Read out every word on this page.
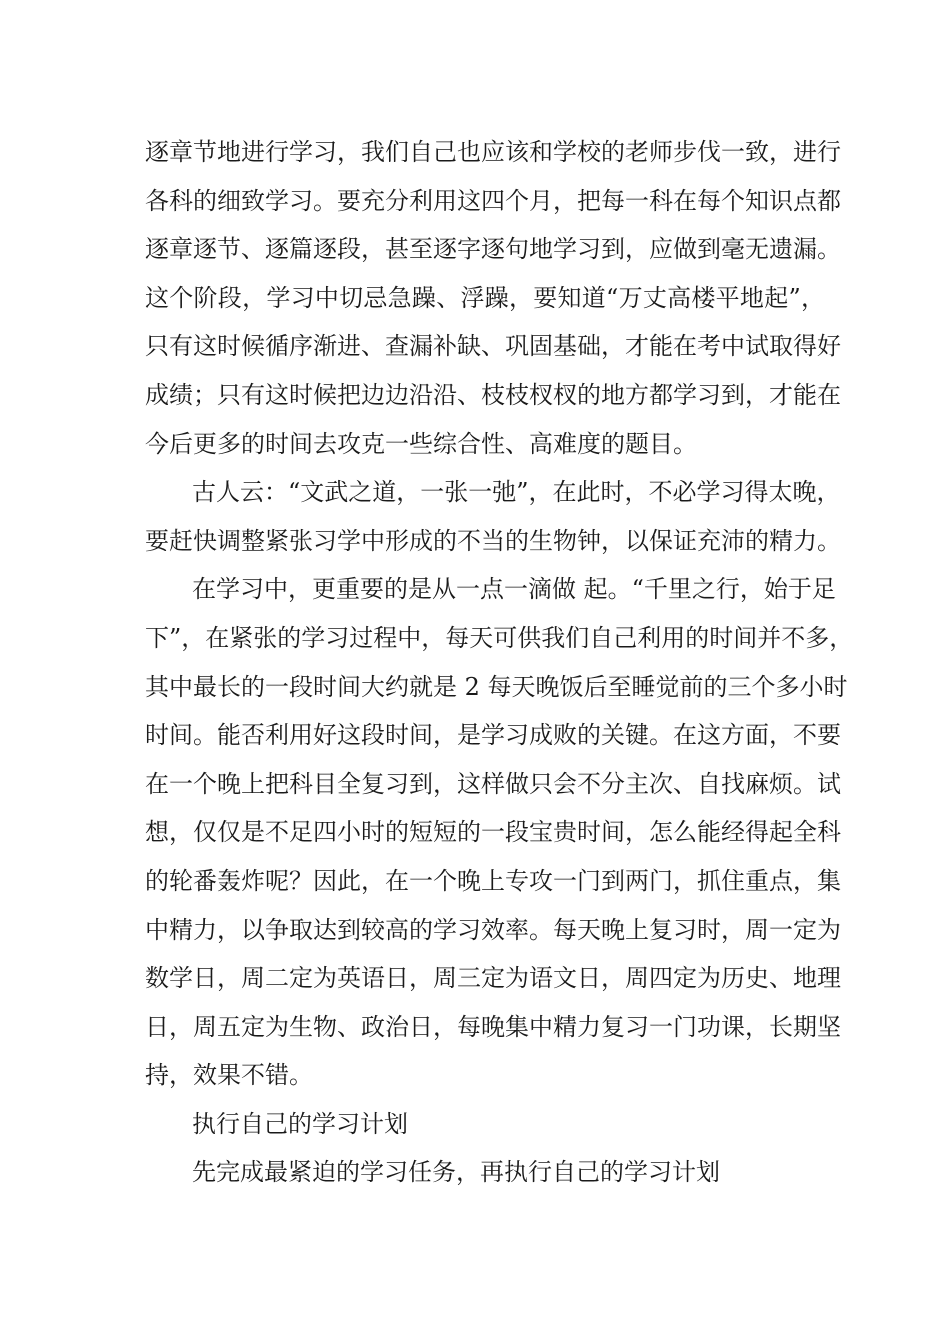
逐章节地进行学习，我们自己也应该和学校的老师步伐一致，进行
各科的细致学习。要充分利用这四个月，把每一科在每个知识点都
逐章逐节、逐篇逐段，甚至逐字逐句地学习到，应做到毫无遗漏。
这个阶段，学习中切忌急躁、浮躁，要知道“万丈高楼平地起”，
只有这时候循序渐进、查漏补缺、巩固基础，才能在考中试取得好
成绩；只有这时候把边边沿沿、枝枝杈杈的地方都学习到，才能在
今后更多的时间去攻克一些综合性、高难度的题目。
古人云：“文武之道，一张一弛”，在此时，不必学习得太晚，
要赶快调整紧张习学中形成的不当的生物钟，以保证充沛的精力。
在学习中，更重要的是从一点一滴做 起。“千里之行，始于足
下”，在紧张的学习过程中，每天可供我们自己利用的时间并不多，
其中最长的一段时间大约就是 2 每天晚饭后至睡觉前的三个多小时
时间。能否利用好这段时间，是学习成败的关键。在这方面，不要
在一个晚上把科目全复习到，这样做只会不分主次、自找麻烦。试
想，仅仅是不足四小时的短短的一段宝贵时间，怎么能经得起全科
的轮番轰炸呢？因此，在一个晚上专攻一门到两门，抓住重点，集
中精力，以争取达到较高的学习效率。每天晚上复习时，周一定为
数学日，周二定为英语日，周三定为语文日，周四定为历史、地理
日，周五定为生物、政治日，每晚集中精力复习一门功课，长期坚
持，效果不错。
执行自己的学习计划
先完成最紧迫的学习任务，再执行自己的学习计划
